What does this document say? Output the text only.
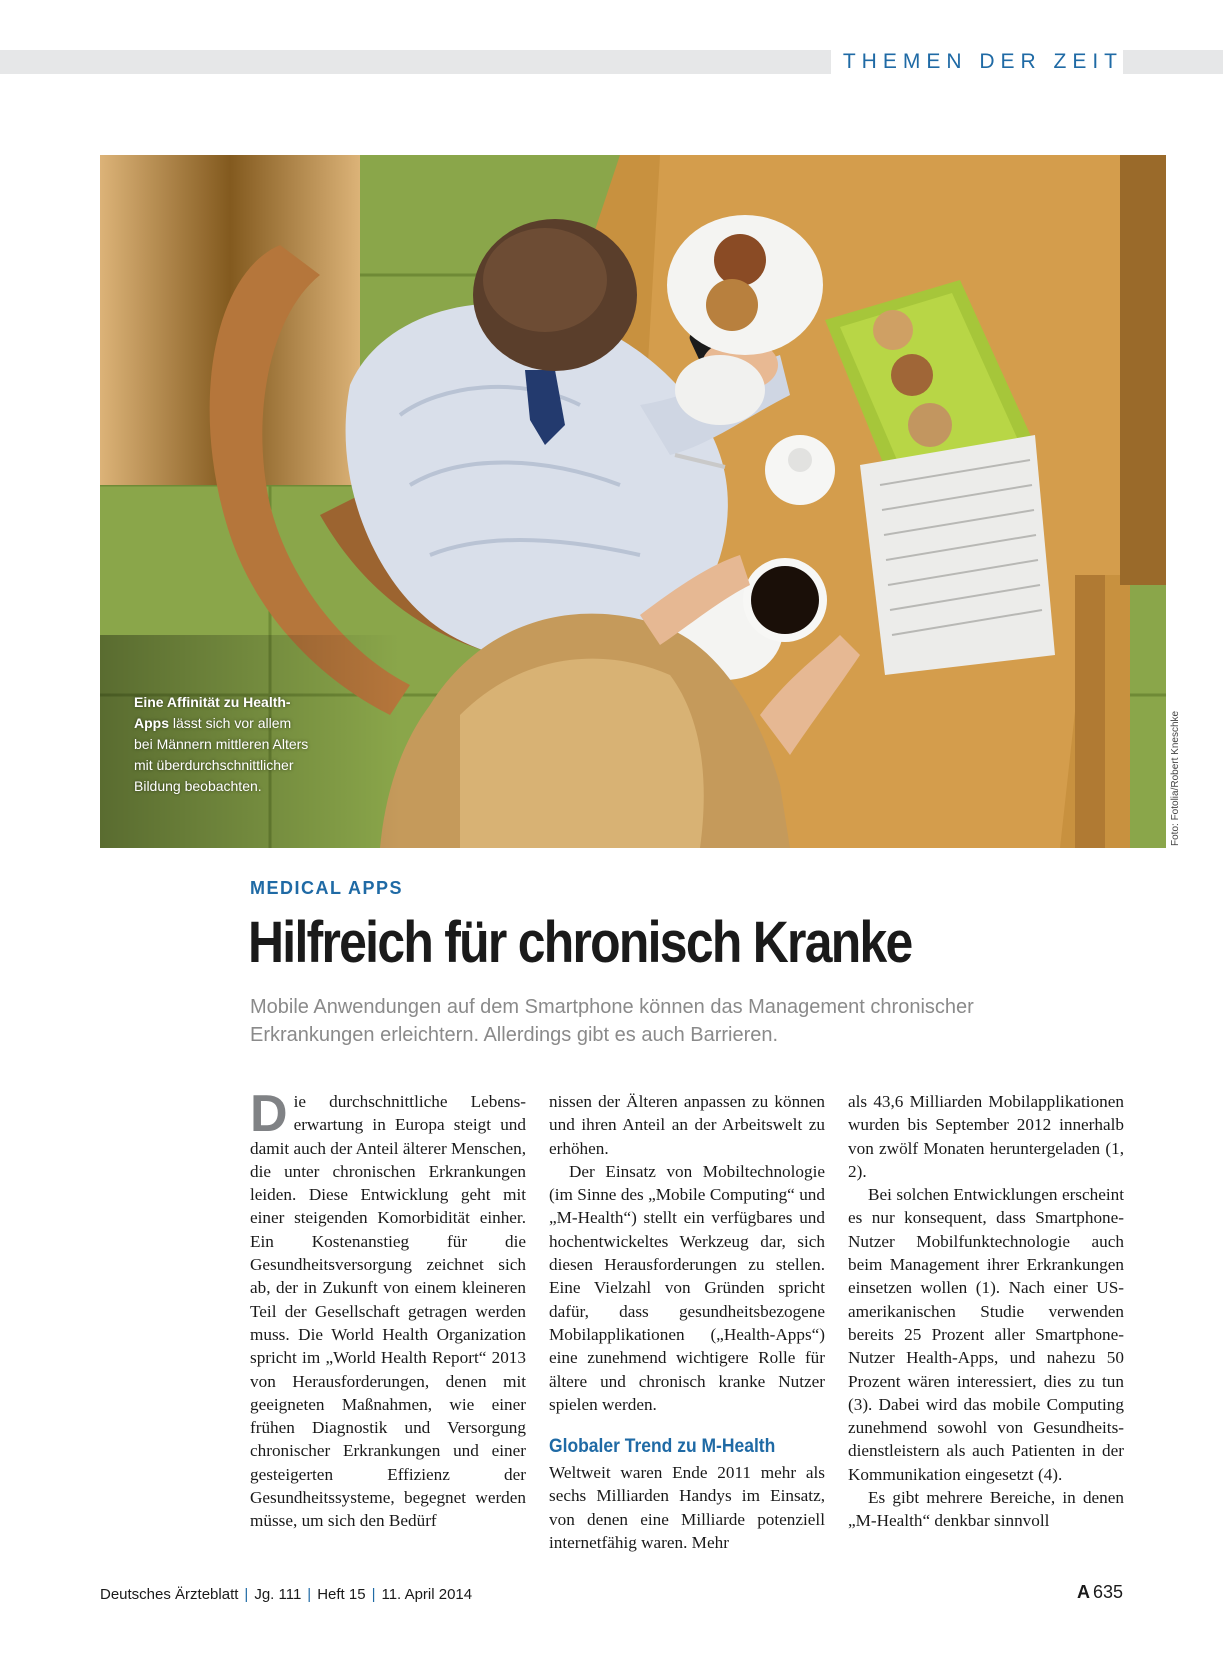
THEMEN DER ZEIT
Eine Affinität zu Health-Apps lässt sich vor allem bei Männern mittleren Alters mit überdurchschnittlicher Bildung beobachten.	Foto: Fotolia/Robert Kneschke
MEDICAL APPS
Hilfreich für chronisch Kranke
Mobile Anwendungen auf dem Smartphone können das Management chronischer Erkrankungen erleichtern. Allerdings gibt es auch Barrieren.

Die durchschnittliche Lebenserwartung in Europa steigt und damit auch der Anteil älterer Menschen, die unter chronischen Erkrankungen leiden. Diese Entwicklung geht mit einer steigenden Komorbidität einher. Ein Kostenanstieg für die Gesundheitsversorgung zeichnet sich ab, der in Zukunft von einem kleineren Teil der Gesellschaft getragen werden muss. Die World Health Organization spricht im „World Health Report“ 2013 von Herausforderungen, denen mit geeigneten Maßnahmen, wie einer frühen Diagnostik und Versorgung chronischer Erkrankungen und einer gesteigerten Effizienz der Gesundheitssysteme, begegnet werden müsse, um sich den Bedürf

nissen der Älteren anpassen zu können und ihren Anteil an der Arbeitswelt zu erhöhen.

Der Einsatz von Mobiltechnologie (im Sinne des „Mobile Computing“ und „M-Health“) stellt ein verfügbares und hochentwickeltes Werkzeug dar, sich diesen Herausforderungen zu stellen. Eine Vielzahl von Gründen spricht dafür, dass gesundheitsbezogene Mobilapplikationen („Health-Apps“) eine zunehmend wichtigere Rolle für ältere und chronisch kranke Nutzer spielen werden.

Globaler Trend zu M-Health

Weltweit waren Ende 2011 mehr als sechs Milliarden Handys im Einsatz, von denen eine Milliarde potenziell internetfähig waren. Mehr

als 43,6 Milliarden Mobilapplikationen wurden bis September 2012 innerhalb von zwölf Monaten heruntergeladen (1, 2).

Bei solchen Entwicklungen erscheint es nur konsequent, dass Smartphone-Nutzer Mobilfunktechnologie auch beim Management ihrer Erkrankungen einsetzen wollen (1). Nach einer US-amerikanischen Studie verwenden bereits 25 Prozent aller Smartphone-Nutzer Health-Apps, und nahezu 50 Prozent wären interessiert, dies zu tun (3). Dabei wird das mobile Computing zunehmend sowohl von Gesundheitsdienstleistern als auch Patienten in der Kommunikation eingesetzt (4).

Es gibt mehrere Bereiche, in denen „M-Health“ denkbar sinnvoll

Deutsches Ärzteblatt | Jg. 111 | Heft 15 | 11. April 2014	A 635
